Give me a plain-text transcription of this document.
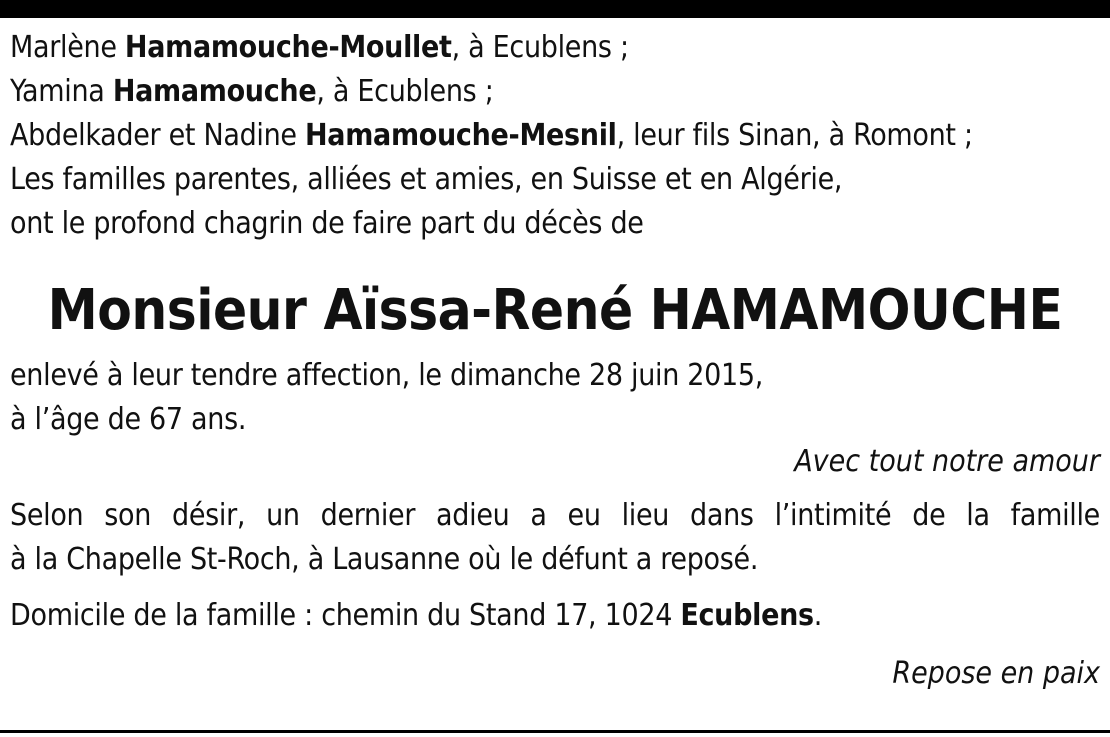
Marlène Hamamouche-Moullet, à Ecublens ;
Yamina Hamamouche, à Ecublens ;
Abdelkader et Nadine Hamamouche-Mesnil, leur fils Sinan, à Romont ;
Les familles parentes, alliées et amies, en Suisse et en Algérie,
ont le profond chagrin de faire part du décès de
Monsieur Aïssa-René HAMAMOUCHE
enlevé à leur tendre affection, le dimanche 28 juin 2015,
à l’âge de 67 ans.
Avec tout notre amour
Selon son désir, un dernier adieu a eu lieu dans l’intimité de la famille
à la Chapelle St-Roch, à Lausanne où le défunt a reposé.
Domicile de la famille : chemin du Stand 17, 1024 Ecublens.
Repose en paix
